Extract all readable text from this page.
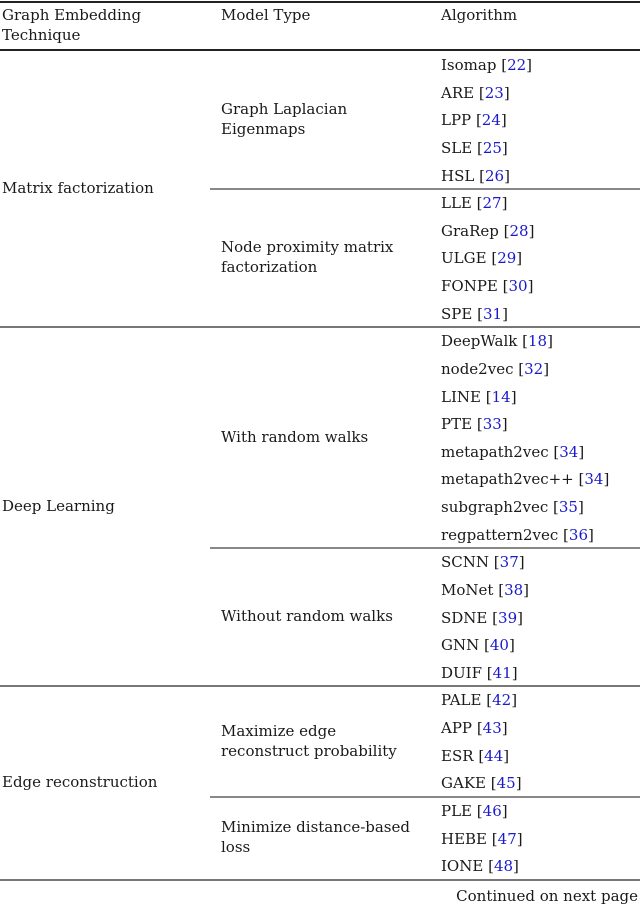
Graph Embedding Technique
Model Type	Algorithm
Isomap [22]
ARE [23]
LPP [24]
SLE [25]
HSL [26]
Graph Laplacian Eigenmaps
LLE [27]
GraRep [28]
ULGE [29]
FONPE [30]
SPE [31]
Node proximity matrix factorization
Matrix factorization
DeepWalk [18]
node2vec [32]
LINE [14]
PTE [33]
metapath2vec [34]
metapath2vec++ [34]
subgraph2vec [35]
regpattern2vec [36]
With random walks
SCNN [37]
MoNet [38]
SDNE [39]
GNN [40]
DUIF [41]
Without random walks
Deep Learning
PALE [42]
APP [43]
ESR [44]
GAKE [45]
Maximize edge reconstruct probability
PLE [46]
HEBE [47]
IONE [48]
Minimize distance-based loss
Edge reconstruction
Continued on next page
